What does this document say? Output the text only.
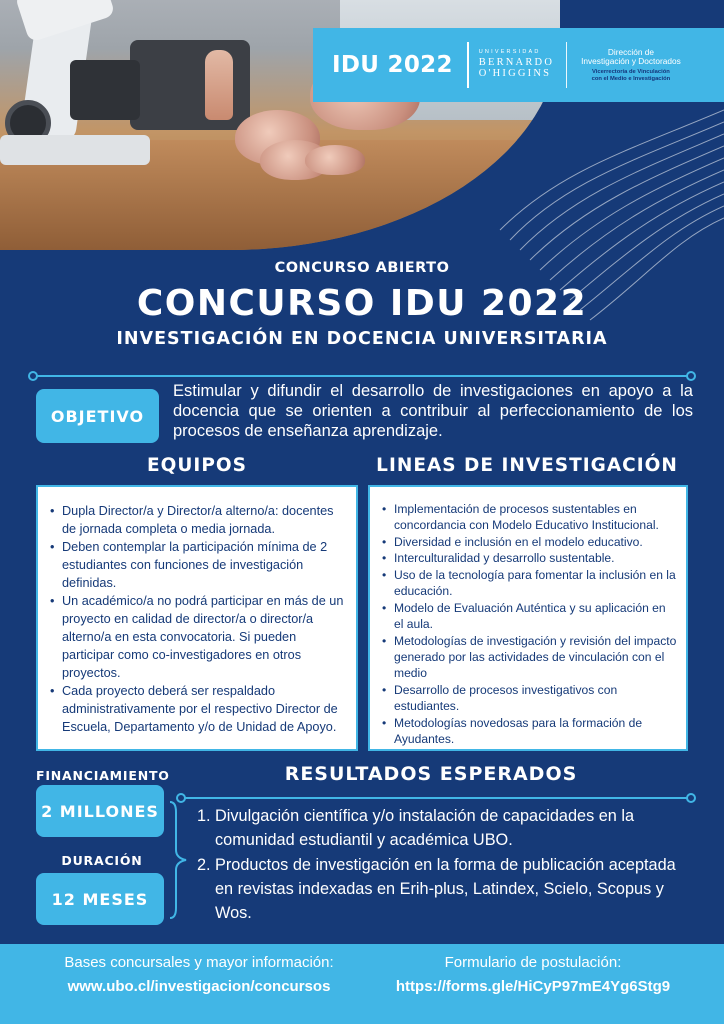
IDU 2022	UNIVERSIDAD
BERNARDO
O'HIGGINS
Dirección de
Investigación y Doctorados
Vicerrectoría de Vinculación
con el Medio e Investigación
CONCURSO ABIERTO
CONCURSO IDU 2022
INVESTIGACIÓN EN DOCENCIA UNIVERSITARIA
OBJETIVO

Estimular y difundir el desarrollo de investigaciones en apoyo a la docencia que se orienten a contribuir al perfeccionamiento de los procesos de enseñanza aprendizaje.

EQUIPOS	LINEAS DE INVESTIGACIÓN
• Dupla Director/a y Director/a alterno/a: docentes de jornada completa o media jornada.
• Deben contemplar la participación mínima de 2 estudiantes con funciones de investigación definidas.
• Un académico/a no podrá participar en más de un proyecto en calidad de director/a o director/a alterno/a en esta convocatoria. Si pueden participar como co-investigadores en otros proyectos.
• Cada proyecto deberá ser respaldado administrativamente por el respectivo Director de Escuela, Departamento y/o de Unidad de Apoyo.
• Implementación de procesos sustentables en concordancia con Modelo Educativo Institucional.
• Diversidad e inclusión en el modelo educativo.
• Interculturalidad y desarrollo sustentable.
• Uso de la tecnología para fomentar la inclusión en la educación.
• Modelo de Evaluación Auténtica y su aplicación en el aula.
• Metodologías de investigación y revisión del impacto generado por las actividades de vinculación con el medio
• Desarrollo de procesos investigativos con estudiantes.
• Metodologías novedosas para la formación de Ayudantes.
FINANCIAMIENTO
2 MILLONES
DURACIÓN
12 MESES
RESULTADOS ESPERADOS
1. Divulgación científica y/o instalación de capacidades en la comunidad estudiantil y académica UBO.
2. Productos de investigación en la forma de publicación aceptada en revistas indexadas en Erih-plus, Latindex, Scielo, Scopus y Wos.
Bases concursales y mayor información:
www.ubo.cl/investigacion/concursos
Formulario de postulación:
https://forms.gle/HiCyP97mE4Yg6Stg9
